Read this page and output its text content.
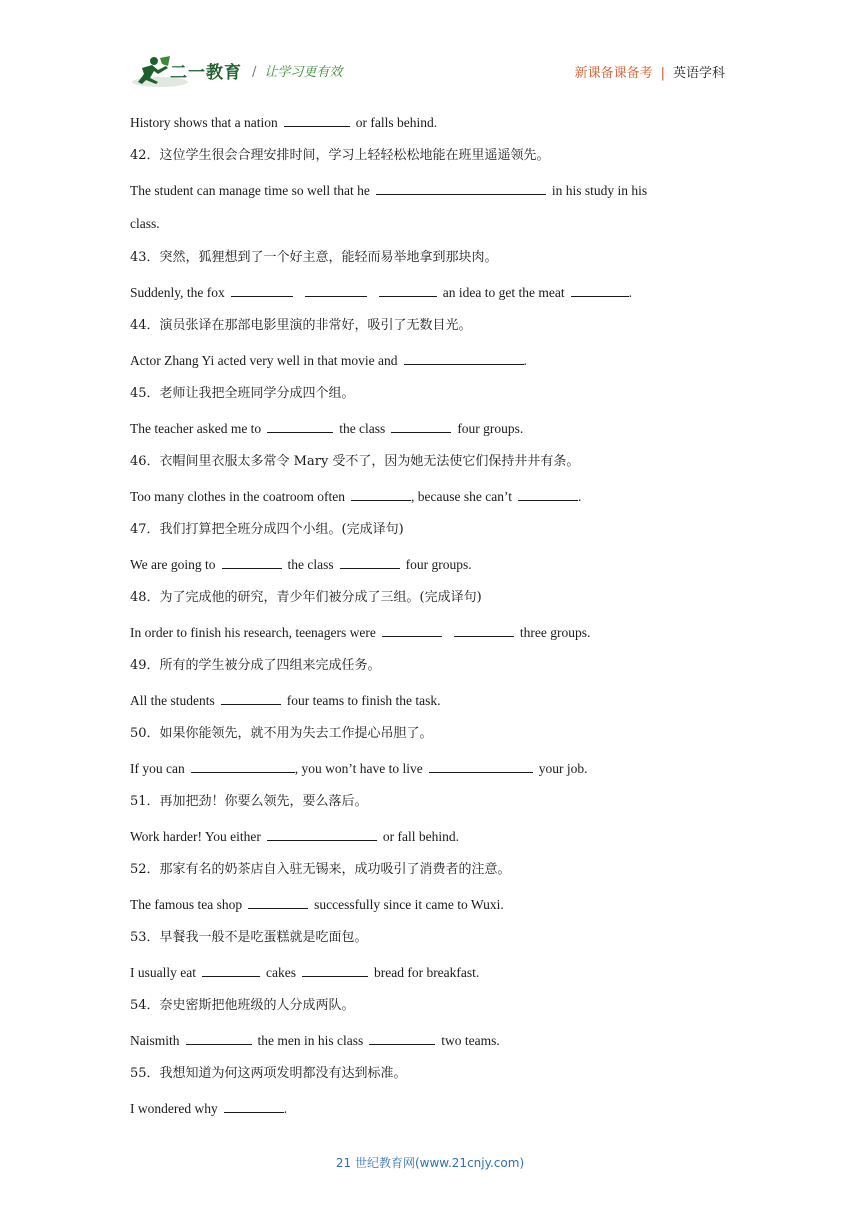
二一教育 / 让学习更有效	新课备课备考 | 英语学科
History shows that a nation	or falls behind.
42．这位学生很会合理安排时间，学习上轻轻松松地能在班里遥遥领先。
The student can manage time so well that he	in his study in his
class.
43．突然，狐狸想到了一个好主意，能轻而易举地拿到那块肉。
Suddenly, the fox	an idea to get the meat	.
44．演员张译在那部电影里演的非常好，吸引了无数目光。
Actor Zhang Yi acted very well in that movie and	.
45．老师让我把全班同学分成四个组。
The teacher asked me to	the class	four groups.
46．衣帽间里衣服太多常令 Mary 受不了，因为她无法使它们保持井井有条。
Too many clothes in the coatroom often	, because she can’t	.
47．我们打算把全班分成四个小组。(完成译句)
We are going to	the class	four groups.
48．为了完成他的研究，青少年们被分成了三组。(完成译句)
In order to finish his research, teenagers were	three groups.
49．所有的学生被分成了四组来完成任务。
All the students	four teams to finish the task.
50．如果你能领先，就不用为失去工作提心吊胆了。
If you can	, you won’t have to live	your job.
51．再加把劲！你要么领先，要么落后。
Work harder! You either	or fall behind.
52．那家有名的奶茶店自入驻无锡来，成功吸引了消费者的注意。
The famous tea shop	successfully since it came to Wuxi.
53．早餐我一般不是吃蛋糕就是吃面包。
I usually eat	cakes	bread for breakfast.
54．奈史密斯把他班级的人分成两队。
Naismith	the men in his class	two teams.
55．我想知道为何这两项发明都没有达到标准。
I wondered why	.
21 世纪教育网(www.21cnjy.com)
